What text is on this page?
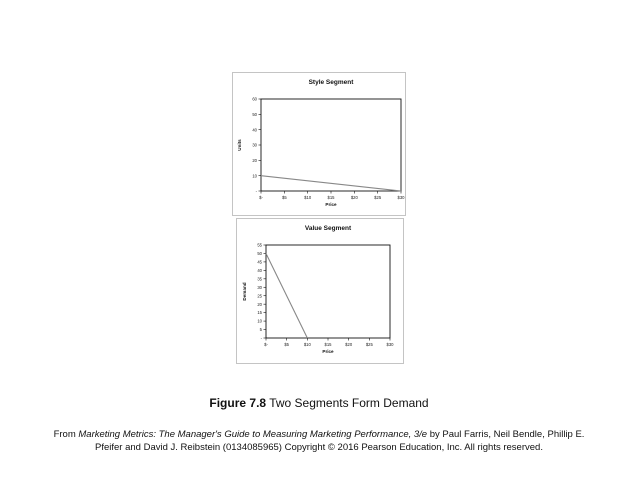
Style Segment
-
10
20
30
40
50
60
$-	$5	$10	$15	$20	$25	$30
Price
Units
Value Segment
-
5
10
15
20
25
30
35
40
45
50
55
$-	$5	$10	$15	$20	$25	$30
Price
Demand
Figure 7.8 Two Segments Form Demand
From Marketing Metrics: The Manager's Guide to Measuring Marketing Performance, 3/e by Paul Farris, Neil Bendle, Phillip E. Pfeifer and David J. Reibstein (0134085965) Copyright © 2016 Pearson Education, Inc. All rights reserved.
